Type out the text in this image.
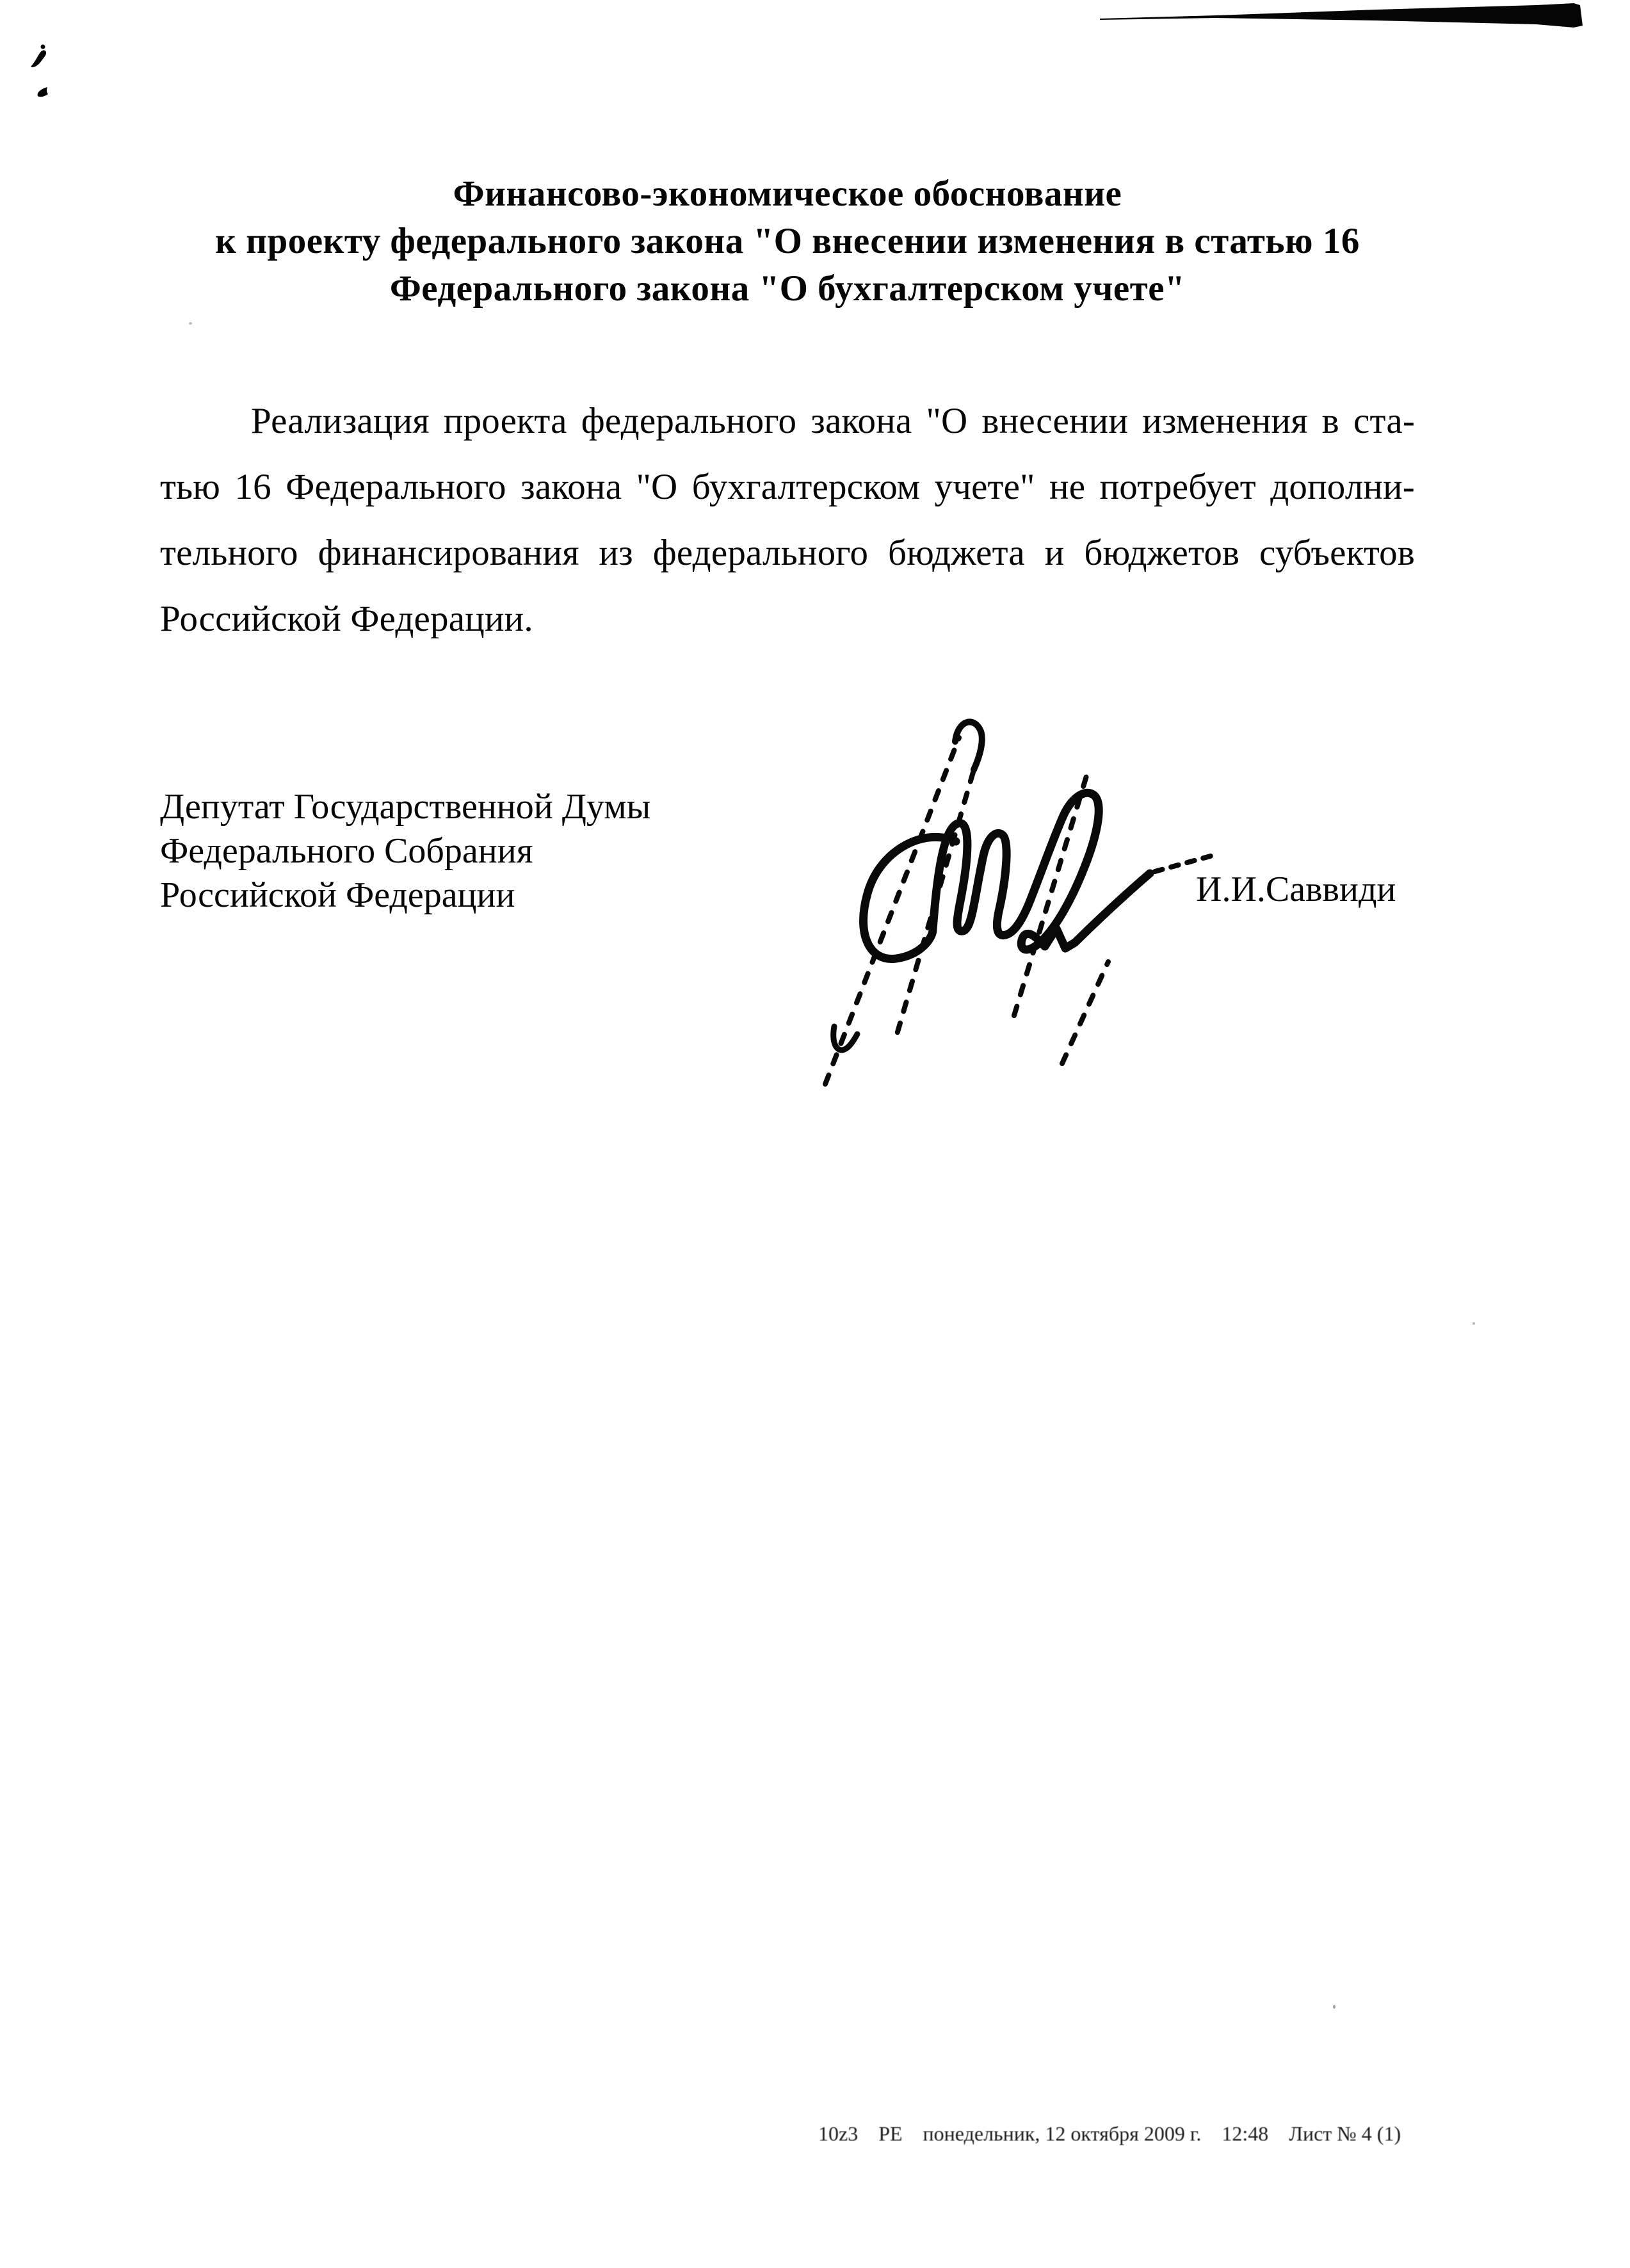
Финансово-экономическое обоснование
к проекту федерального закона "О внесении изменения в статью 16
Федерального закона "О бухгалтерском учете"
Реализация проекта федерального закона "О внесении изменения в ста-
тью 16 Федерального закона "О бухгалтерском учете" не потребует дополни-
тельного финансирования из федерального бюджета и бюджетов субъектов
Российской Федерации.
Депутат Государственной Думы
Федерального Собрания
Российской Федерации	И.И.Саввиди
10z3 PE понедельник, 12 октября 2009 г. 12:48 Лист № 4 (1)
